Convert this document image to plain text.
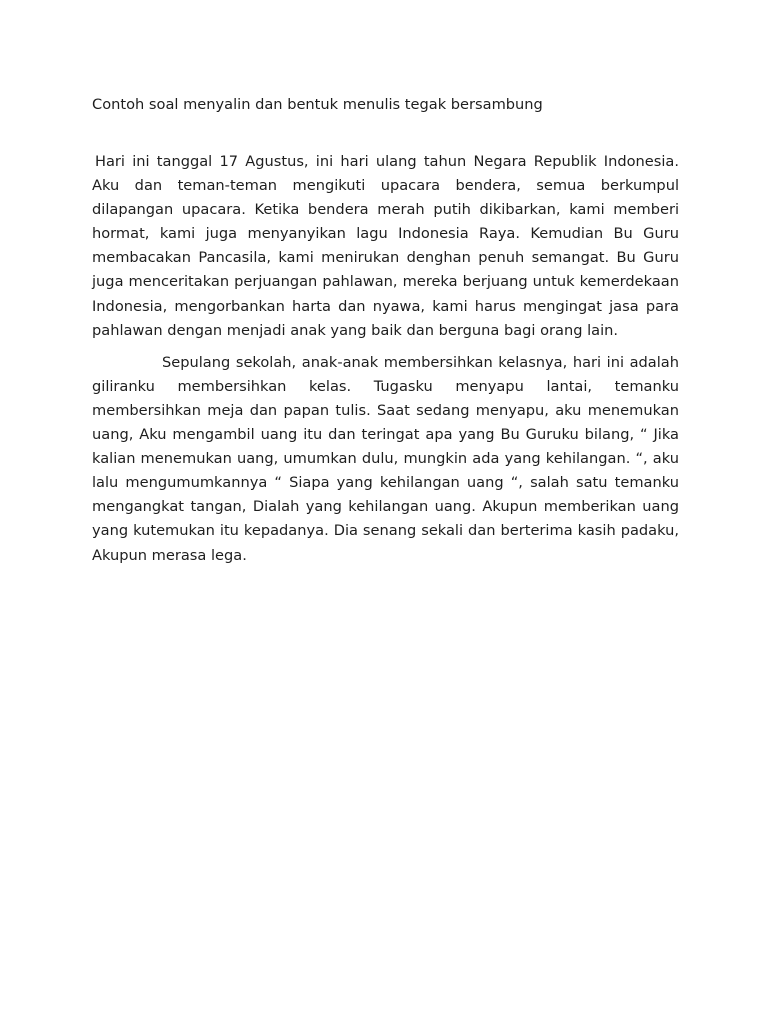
Contoh soal menyalin dan bentuk menulis tegak bersambung

Hari ini tanggal 17 Agustus, ini hari ulang tahun Negara Republik Indonesia. Aku dan teman-teman mengikuti upacara bendera, semua berkumpul dilapangan upacara. Ketika bendera merah putih dikibarkan, kami memberi hormat, kami juga menyanyikan lagu Indonesia Raya. Kemudian Bu Guru membacakan Pancasila, kami menirukan denghan penuh semangat. Bu Guru juga menceritakan perjuangan pahlawan, mereka berjuang untuk kemerdekaan Indonesia, mengorbankan harta dan nyawa, kami harus mengingat jasa para pahlawan dengan menjadi anak yang baik dan berguna bagi orang lain.

Sepulang sekolah, anak-anak membersihkan kelasnya, hari ini adalah giliranku membersihkan kelas. Tugasku menyapu lantai, temanku membersihkan meja dan papan tulis. Saat sedang menyapu, aku menemukan uang, Aku mengambil uang itu dan teringat apa yang Bu Guruku bilang, “ Jika kalian menemukan uang, umumkan dulu, mungkin ada yang kehilangan. “, aku lalu mengumumkannya “ Siapa yang kehilangan uang “, salah satu temanku mengangkat tangan, Dialah yang kehilangan uang. Akupun memberikan uang yang kutemukan itu kepadanya. Dia senang sekali dan berterima kasih padaku, Akupun merasa lega.
